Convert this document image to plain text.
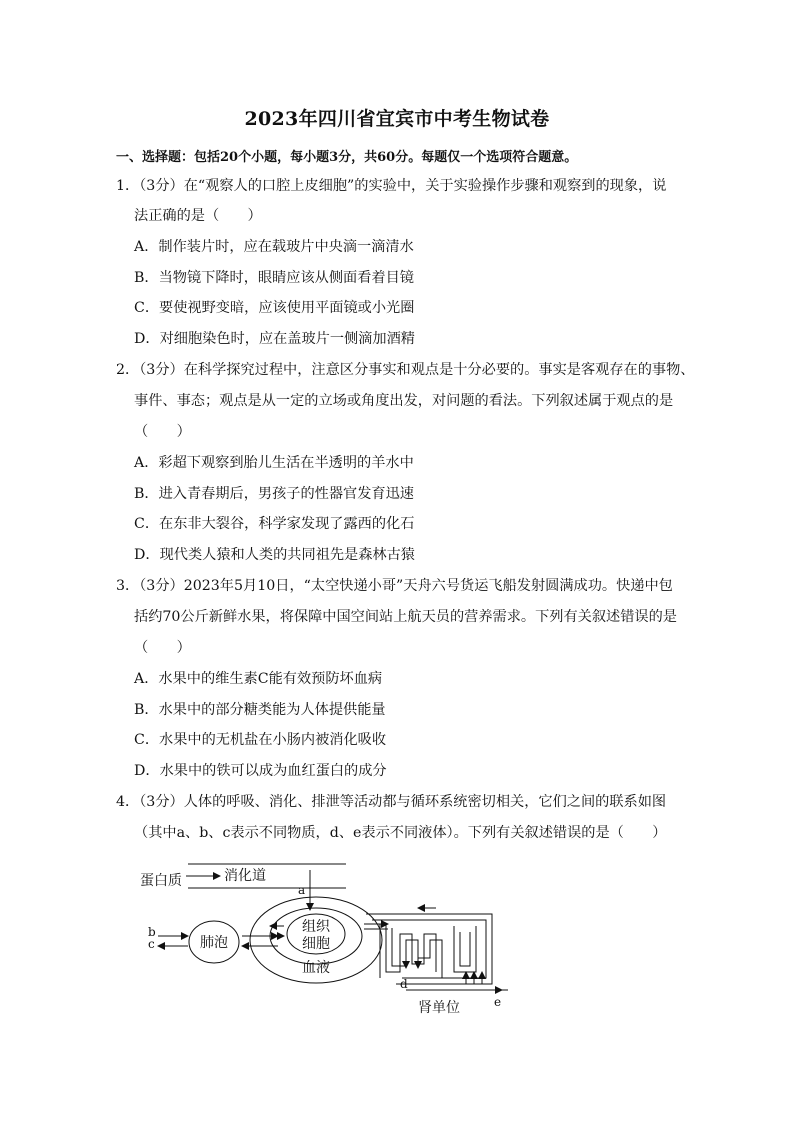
2023年四川省宜宾市中考生物试卷
一、选择题：包括20个小题，每小题3分，共60分。每题仅一个选项符合题意。
1．（3分）在“观察人的口腔上皮细胞”的实验中，关于实验操作步骤和观察到的现象，说
法正确的是（　　）
A．制作装片时，应在载玻片中央滴一滴清水
B．当物镜下降时，眼睛应该从侧面看着目镜
C．要使视野变暗，应该使用平面镜或小光圈
D．对细胞染色时，应在盖玻片一侧滴加酒精
2．（3分）在科学探究过程中，注意区分事实和观点是十分必要的。事实是客观存在的事物、
事件、事态；观点是从一定的立场或角度出发，对问题的看法。下列叙述属于观点的是
（　　）
A．彩超下观察到胎儿生活在半透明的羊水中
B．进入青春期后，男孩子的性器官发育迅速
C．在东非大裂谷，科学家发现了露西的化石
D．现代类人猿和人类的共同祖先是森林古猿
3．（3分）2023年5月10日，“太空快递小哥”天舟六号货运飞船发射圆满成功。快递中包
括约70公斤新鲜水果，将保障中国空间站上航天员的营养需求。下列有关叙述错误的是
（　　）
A．水果中的维生素C能有效预防坏血病
B．水果中的部分糖类能为人体提供能量
C．水果中的无机盐在小肠内被消化吸收
D．水果中的铁可以成为血红蛋白的成分
4．（3分）人体的呼吸、消化、排泄等活动都与循环系统密切相关，它们之间的联系如图
（其中a、b、c表示不同物质，d、e表示不同液体）。下列有关叙述错误的是（　　）
消化道
蛋白质
a
肺泡
b
c
组织
细胞
血液
d
e
肾单位
